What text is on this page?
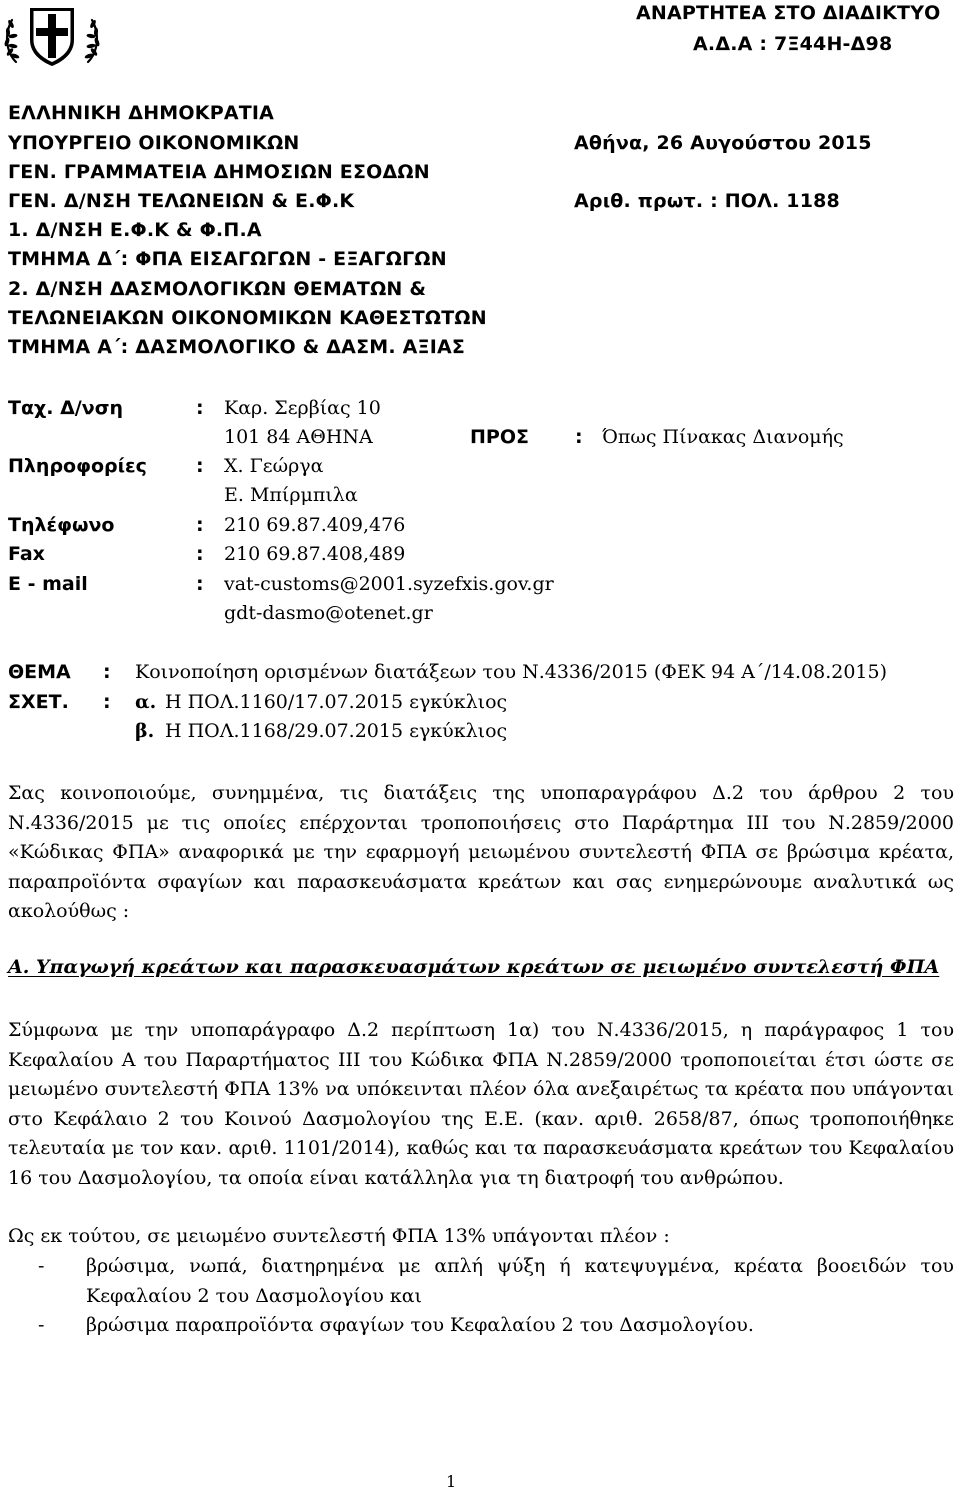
ΑΝΑΡΤΗΤΕΑ ΣΤΟ ΔΙΑΔΙΚΤΥΟ
Α.Δ.Α : 7Ξ44Η-Δ98
ΕΛΛΗΝΙΚΗ ΔΗΜΟΚΡΑΤΙΑ
ΥΠΟΥΡΓΕΙΟ ΟΙΚΟΝΟΜΙΚΩΝ
ΓΕΝ. ΓΡΑΜΜΑΤΕΙΑ ΔΗΜΟΣΙΩΝ ΕΣΟΔΩΝ
ΓΕΝ. Δ/ΝΣΗ ΤΕΛΩΝΕΙΩΝ & Ε.Φ.Κ
1. Δ/ΝΣΗ Ε.Φ.Κ & Φ.Π.Α
ΤΜΗΜΑ Δ΄: ΦΠΑ ΕΙΣΑΓΩΓΩΝ - ΕΞΑΓΩΓΩΝ
2. Δ/ΝΣΗ ΔΑΣΜΟΛΟΓΙΚΩΝ ΘΕΜΑΤΩΝ &
ΤΕΛΩΝΕΙΑΚΩΝ ΟΙΚΟΝΟΜΙΚΩΝ ΚΑΘΕΣΤΩΤΩΝ
ΤΜΗΜΑ Α΄: ΔΑΣΜΟΛΟΓΙΚΟ & ΔΑΣΜ. ΑΞΙΑΣ
Αθήνα, 26 Αυγούστου 2015
Αριθ. πρωτ. : ΠΟΛ. 1188
Ταχ. Δ/νση	: Καρ. Σερβίας 10
101 84 ΑΘΗΝΑ	ΠΡΟΣ : Όπως Πίνακας Διανομής
Πληροφορίες	: Χ. Γεώργα
Ε. Μπίρμπιλα
Τηλέφωνο	: 210 69.87.409,476
Fax	: 210 69.87.408,489
E - mail	: vat-customs@2001.syzefxis.gov.gr
gdt-dasmo@otenet.gr
ΘΕΜΑ : Κοινοποίηση ορισμένων διατάξεων του Ν.4336/2015 (ΦΕΚ 94 Α΄/14.08.2015)
ΣΧΕΤ. : α. Η ΠΟΛ.1160/17.07.2015 εγκύκλιος
β. Η ΠΟΛ.1168/29.07.2015 εγκύκλιος
Σας κοινοποιούμε, συνημμένα, τις διατάξεις της υποπαραγράφου Δ.2 του άρθρου 2 του Ν.4336/2015 με τις οποίες επέρχονται τροποποιήσεις στο Παράρτημα ΙΙΙ του Ν.2859/2000 «Κώδικας ΦΠΑ» αναφορικά με την εφαρμογή μειωμένου συντελεστή ΦΠΑ σε βρώσιμα κρέατα, παραπροϊόντα σφαγίων και παρασκευάσματα κρεάτων και σας ενημερώνουμε αναλυτικά ως ακολούθως :
Α. Υπαγωγή κρεάτων και παρασκευασμάτων κρεάτων σε μειωμένο συντελεστή ΦΠΑ
Σύμφωνα με την υποπαράγραφο Δ.2 περίπτωση 1α) του Ν.4336/2015, η παράγραφος 1 του Κεφαλαίου Α του Παραρτήματος ΙΙΙ του Κώδικα ΦΠΑ Ν.2859/2000 τροποποιείται έτσι ώστε σε μειωμένο συντελεστή ΦΠΑ 13% να υπόκεινται πλέον όλα ανεξαιρέτως τα κρέατα που υπάγονται στο Κεφάλαιο 2 του Κοινού Δασμολογίου της Ε.Ε. (καν. αριθ. 2658/87, όπως τροποποιήθηκε τελευταία με τον καν. αριθ. 1101/2014), καθώς και τα παρασκευάσματα κρεάτων του Κεφαλαίου 16 του Δασμολογίου, τα οποία είναι κατάλληλα για τη διατροφή του ανθρώπου.
Ως εκ τούτου, σε μειωμένο συντελεστή ΦΠΑ 13% υπάγονται πλέον :
- βρώσιμα, νωπά, διατηρημένα με απλή ψύξη ή κατεψυγμένα, κρέατα βοοειδών του Κεφαλαίου 2 του Δασμολογίου και
- βρώσιμα παραπροϊόντα σφαγίων του Κεφαλαίου 2 του Δασμολογίου.
1
